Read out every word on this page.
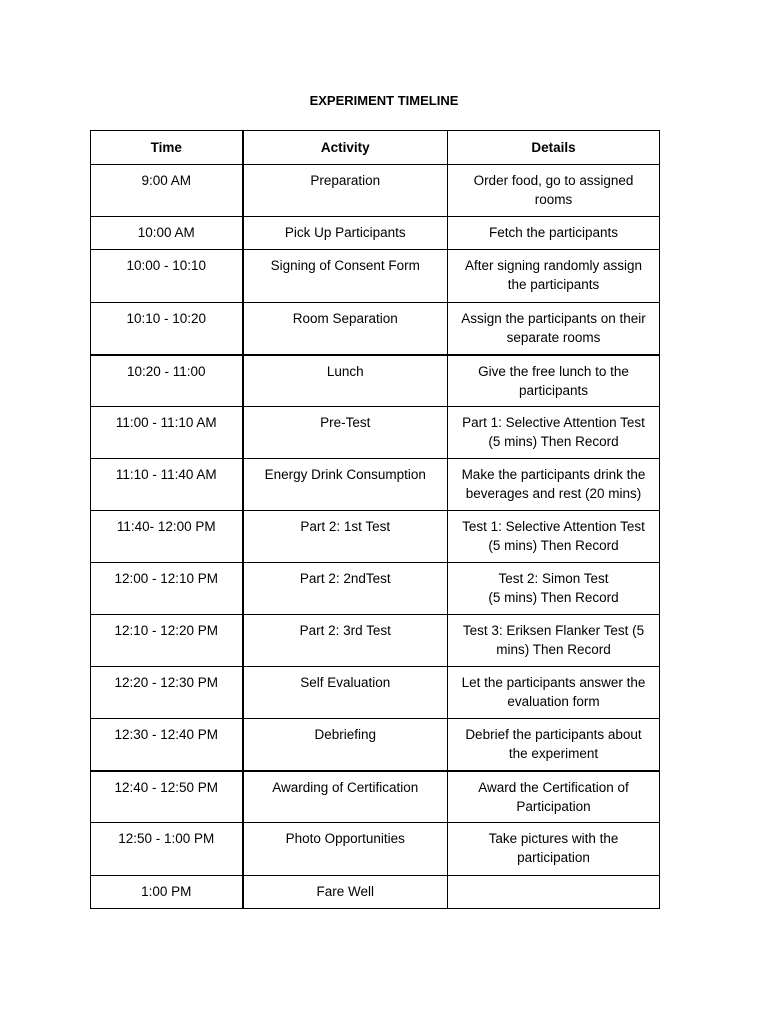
EXPERIMENT TIMELINE
Time	Activity	Details
9:00 AM	Preparation	Order food, go to assigned rooms
10:00 AM	Pick Up Participants	Fetch the participants
10:00 - 10:10	Signing of Consent Form	After signing randomly assign the participants
10:10 - 10:20	Room Separation	Assign the participants on their separate rooms
10:20 - 11:00	Lunch	Give the free lunch to the participants
11:00 - 11:10 AM	Pre-Test	Part 1: Selective Attention Test (5 mins) Then Record
11:10 - 11:40 AM	Energy Drink Consumption	Make the participants drink the beverages and rest (20 mins)
11:40- 12:00 PM	Part 2: 1st Test	Test 1: Selective Attention Test (5 mins) Then Record
12:00 - 12:10 PM	Part 2: 2ndTest	Test 2: Simon Test
(5 mins) Then Record
12:10 - 12:20 PM	Part 2: 3rd Test	Test 3: Eriksen Flanker Test (5 mins) Then Record
12:20 - 12:30 PM	Self Evaluation	Let the participants answer the evaluation form
12:30 - 12:40 PM	Debriefing	Debrief the participants about the experiment
12:40 - 12:50 PM	Awarding of Certification	Award the Certification of Participation
12:50 - 1:00 PM	Photo Opportunities	Take pictures with the participation
1:00 PM	Fare Well	
